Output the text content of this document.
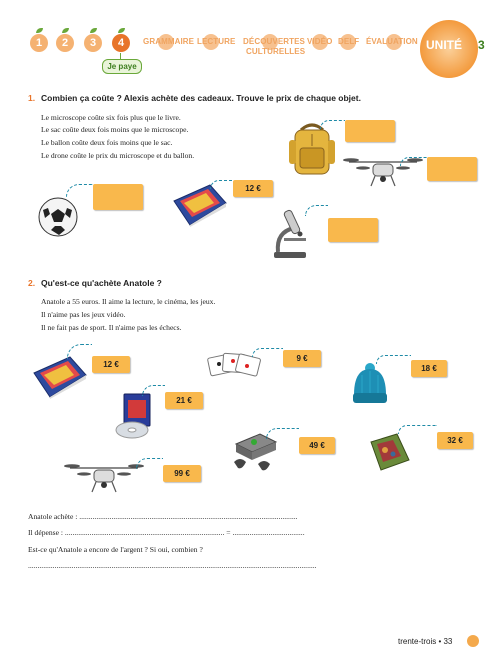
1	2	3	4	GRAMMAIRE LECTURE DÉCOUVERTES
CULTURELLES
VIDÉO DELF ÉVALUATION
Je paye
UNITÉ 3
1. Combien ça coûte ? Alexis achète des cadeaux. Trouve le prix de chaque objet.
Le microscope coûte six fois plus que le livre.
Le sac coûte deux fois moins que le microscope.
Le ballon coûte deux fois moins que le sac.
Le drone coûte le prix du microscope et du ballon.
12 €
2. Qu'est-ce qu'achète Anatole ?
Anatole a 55 euros. Il aime la lecture, le cinéma, les jeux.
Il n'aime pas les jeux vidéo.
Il ne fait pas de sport. Il n'aime pas les échecs.
12 €
9 €
18 €
21 €
49 €
32 €
99 €
Anatole achète : ...................................................................................................................
Il dépense : .................................................................................... = ......................................
Est-ce qu'Anatole a encore de l'argent ? Si oui, combien ?
........................................................................................................................................................
trente-trois • 33
